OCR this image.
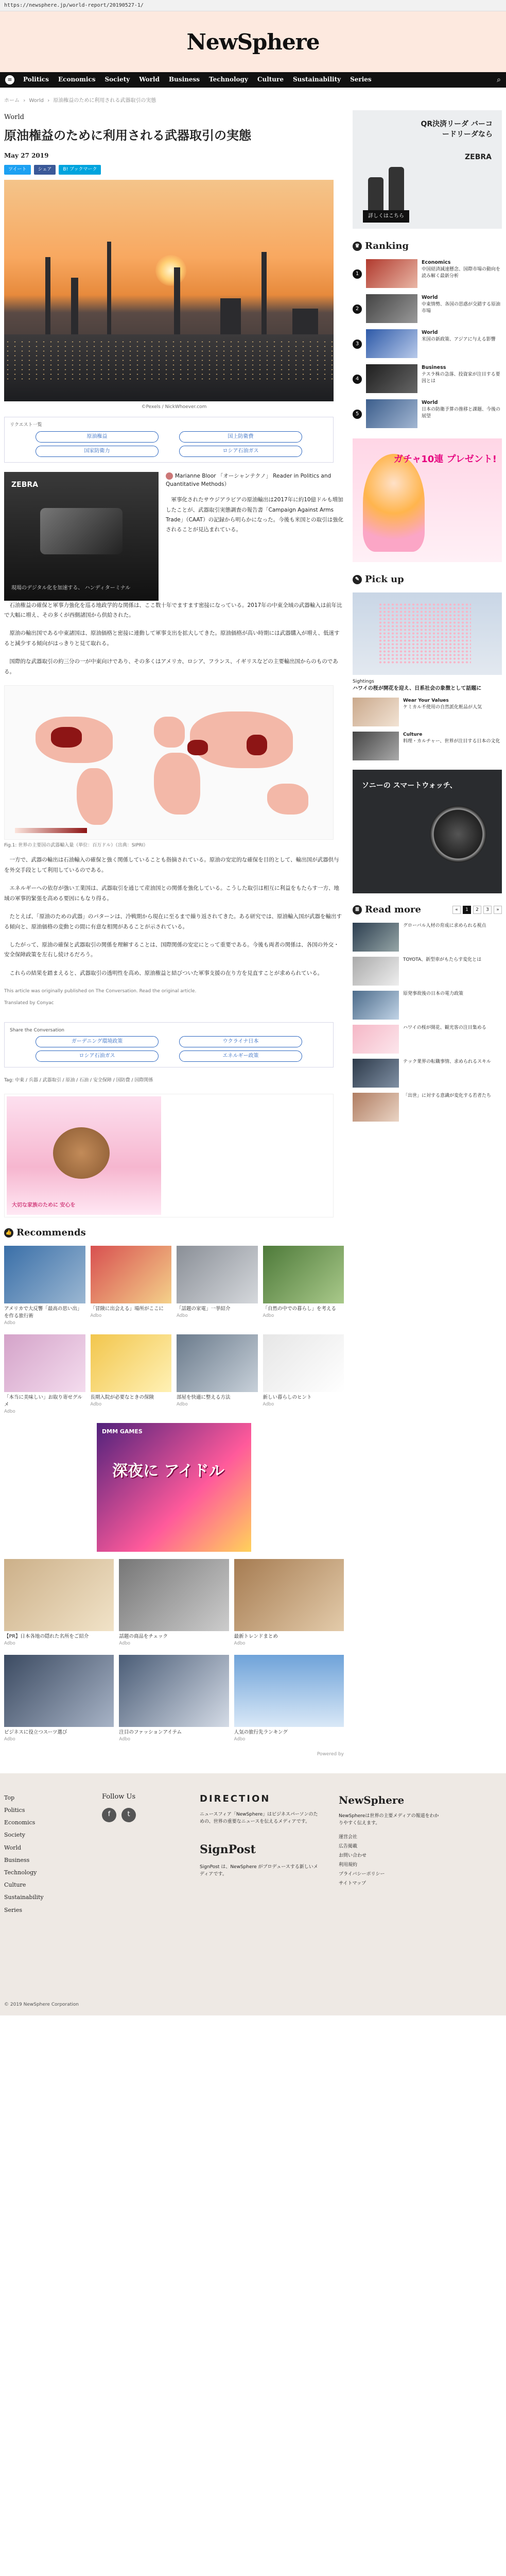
https://newsphere.jp/world-report/20190527-1/
NewSphere
≡	Politics	Economics	Society	World	Business	Technology	Culture	Sustainability	Series	⌕
ホーム › World › 原油権益のために利用される武器取引の実態
World
原油権益のために利用される武器取引の実態
May 27 2019
ツイート	シェア	B! ブックマーク
©Pexels / NickWhoever.com
リクエスト一覧
原油権益	国上防衛費
国家防衛力	ロシア石油ガス
ZEBRA
現場のデジタル化を加速する、 ハンディターミナル
Marianne Bloor 「オーシャンテクノ」 Reader in Politics and Quantitative Methods）

軍事化されたサウジアラビアの原油輸出は2017年に約10億ドルも増加したことが、武器取引実態調査の報告書「Campaign Against Arms Trade」（CAAT）の記録から明らかになった。今後も米国との取引は強化されることが見込まれている。

石油権益の確保と軍事力強化を巡る地政学的な関係は、ここ数十年でますます密接になっている。2017年の中東全域の武器輸入は前年比で大幅に増え、その多くが西側諸国から供給された。

原油の輸出国である中東諸国は、原油価格と密接に連動して軍事支出を拡大してきた。原油価格が高い時期には武器購入が増え、低迷すると減少する傾向がはっきりと見て取れる。

国際的な武器取引の約三分の一が中東向けであり、その多くはアメリカ、ロシア、フランス、イギリスなどの主要輸出国からのものである。

Fig.1: 世界の主要国の武器輸入量（単位：百万ドル）（出典：SIPRI）

一方で、武器の輸出は石油輸入の確保と強く関係していることも指摘されている。原油の安定的な確保を目的として、輸出国が武器供与を外交手段として利用しているのである。

エネルギーへの依存が強い工業国は、武器取引を通じて産油国との関係を強化している。こうした取引は相互に利益をもたらす一方、地域の軍事的緊張を高める要因にもなり得る。

たとえば、「原油のための武器」のパターンは、冷戦期から現在に至るまで繰り返されてきた。ある研究では、原油輸入国が武器を輸出する傾向と、原油価格の変動との間に有意な相関があることが示されている。

したがって、原油の確保と武器取引の関係を理解することは、国際関係の安定にとって重要である。今後も両者の関係は、各国の外交・安全保障政策を左右し続けるだろう。

これらの結果を踏まえると、武器取引の透明性を高め、原油権益と結びついた軍事支援の在り方を見直すことが求められている。

This article was originally published on The Conversation. Read the original article.
Translated by Conyac
Share the Conversation
ガーデニング環境政策	ウクライナ日本
ロシア石油ガス	エネルギー政策
Tag: 中東 / 兵器 / 武器取引 / 原油 / 石油 / 安全保障 / 国防費 / 国際関係
大切な家族のために 安心を
👍 Recommends
アメリカで大反響「最高の思い出」を作る旅行術
Adbo
「冒険に出会える」場所がここに
Adbo
「話題の家電」一挙紹介
Adbo
「自然の中での暮らし」を考える
Adbo
「本当に美味しい」お取り寄せグルメ
Adbo
長期入院が必要なときの保険
Adbo
部屋を快適に整える方法
Adbo
新しい暮らしのヒント
Adbo
深夜に アイドル
DMM GAMES
【PR】日本各地の隠れた名所をご紹介
Adbo
話題の商品をチェック
Adbo
最新トレンドまとめ
Adbo
ビジネスに役立つスーツ選び
Adbo
注目のファッションアイテム
Adbo
人気の旅行先ランキング
Adbo
Powered by
QR決済リーダ バーコードリーダなら
ZEBRA
詳しくはこちら
♛ Ranking
1
Economics
中国経済減速懸念、国際市場の動向を読み解く最新分析
2
World
中東情勢、各国の思惑が交錯する原油市場
3
World
米国の新政策、アジアに与える影響
4
Business
テスラ株の急落、投資家が注目する要因とは
5
World
日本の防衛予算の推移と課題、今後の展望
ガチャ10連 プレゼント!
✎ Pick up
Sightings
ハワイの桜が開花を迎え、日系社会の象徴として話題に
Wear Your Values
ケミカル不使用の自然派化粧品が人気
Culture
料理・カルチャー、世界が注目する日本の文化
ソニーの スマートウォッチ、
≣ Read more	«	1	2	3	»
グローバル人材の育成に求められる視点
TOYOTA、新型車がもたらす変化とは
原発事故後の日本の電力政策
ハワイの桜が開花、観光客の注目集める
テック業界の転職事情、求められるスキル
「出世」に対する意識が変化する若者たち
Top
Politics
Economics
Society
World
Business
Technology
Culture
Sustainability
Series
Follow Us
f	t
DIRECTION
ニュースフィア「NewSphere」はビジネスパーソンのための、世界の重要なニュースを伝えるメディアです。
SignPost
SignPost は、NewSphere がプロデュースする新しいメディアです。
NewSphere
NewSphereは世界の主要メディアの報道をわかりやすく伝えます。
運営会社
広告掲載
お問い合わせ
利用規約
プライバシーポリシー
サイトマップ
© 2019 NewSphere Corporation
